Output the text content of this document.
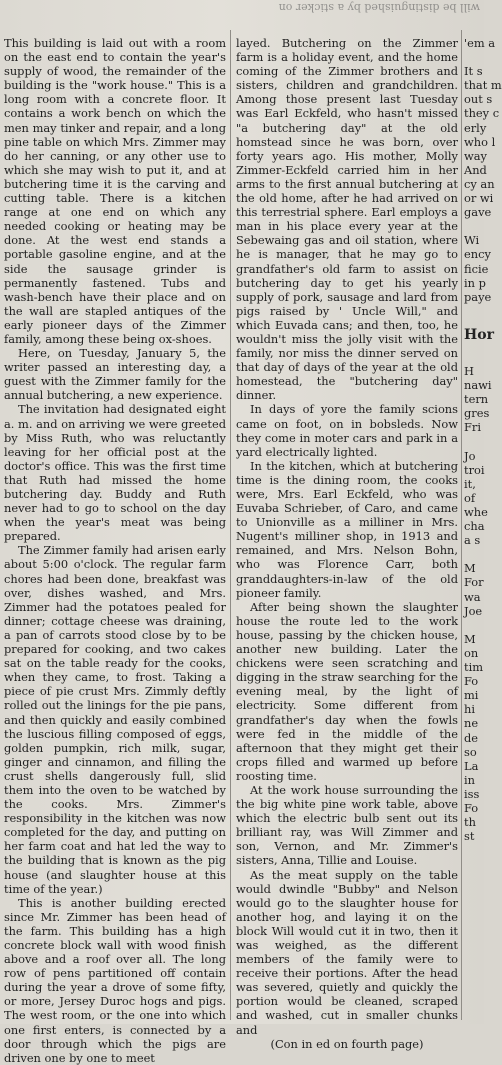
will be distinguished by a sticker on

This building is laid out with a room on the east end to contain the year's supply of wood, the remainder of the building is the "work house." This is a long room with a concrete floor. It contains a work bench on which the men may tinker and repair, and a long pine table on which Mrs. Zimmer may do her canning, or any other use to which she may wish to put it, and at butchering time it is the carving and cutting table. There is a kitchen range at one end on which any needed cooking or heating may be done. At the west end stands a portable gasoline engine, and at the side the sausage grinder is permanently fastened. Tubs and wash-bench have their place and on the wall are stapled antiques of the early pioneer days of the Zimmer family, among these being ox-shoes.

Here, on Tuesday, January 5, the writer passed an interesting day, a guest with the Zimmer family for the annual butchering, a new experience.

The invitation had designated eight a. m. and on arriving we were greeted by Miss Ruth, who was reluctantly leaving for her official post at the doctor's office. This was the first time that Ruth had missed the home butchering day. Buddy and Ruth never had to go to school on the day when the year's meat was being prepared.

The Zimmer family had arisen early about 5:00 o'clock. The regular farm chores had been done, breakfast was over, dishes washed, and Mrs. Zimmer had the potatoes pealed for dinner; cottage cheese was draining, a pan of carrots stood close by to be prepared for cooking, and two cakes sat on the table ready for the cooks, when they came, to frost. Taking a piece of pie crust Mrs. Zimmly deftly rolled out the linings for the pie pans, and then quickly and easily combined the luscious filling composed of eggs, golden pumpkin, rich milk, sugar, ginger and cinnamon, and filling the crust shells dangerously full, slid them into the oven to be watched by the cooks. Mrs. Zimmer's responsibility in the kitchen was now completed for the day, and putting on her farm coat and hat led the way to the building that is known as the pig house (and slaughter house at this time of the year.)

This is another building erected since Mr. Zimmer has been head of the farm. This building has a high concrete block wall with wood finish above and a roof over all. The long row of pens partitioned off contain during the year a drove of some fifty, or more, Jersey Duroc hogs and pigs. The west room, or the one into which one first enters, is connected by a door through which the pigs are driven one by one to meet

layed. Butchering on the Zimmer farm is a holiday event, and the home coming of the Zimmer brothers and sisters, children and grandchildren. Among those present last Tuesday was Earl Eckfeld, who hasn't missed "a butchering day" at the old homstead since he was born, over forty years ago. His mother, Molly Zimmer-Eckfeld carried him in her arms to the first annual butchering at the old home, after he had arrived on this terrestrial sphere. Earl employs a man in his place every year at the Sebewaing gas and oil station, where he is manager, that he may go to grandfather's old farm to assist on butchering day to get his yearly supply of pork, sausage and lard from pigs raised by ' Uncle Will," and which Euvada cans; and then, too, he wouldn't miss the jolly visit with the family, nor miss the dinner served on that day of days of the year at the old homestead, the "butchering day" dinner.

In days of yore the family scions came on foot, on in bobsleds. Now they come in moter cars and park in a yard electrically lighted.

In the kitchen, which at butchering time is the dining room, the cooks were, Mrs. Earl Eckfeld, who was Euvaba Schrieber, of Caro, and came to Unionville as a milliner in Mrs. Nugent's milliner shop, in 1913 and remained, and Mrs. Nelson Bohn, who was Florence Carr, both granddaughters-in-law of the old pioneer family.

After being shown the slaughter house the route led to the work house, passing by the chicken house, another new building. Later the chickens were seen scratching and digging in the straw searching for the evening meal, by the light of electricity. Some different from grandfather's day when the fowls were fed in the middle of the afternoon that they might get their crops filled and warmed up before roosting time.

At the work house surrounding the the big white pine work table, above which the electric bulb sent out its brilliant ray, was Will Zimmer and son, Vernon, and Mr. Zimmer's sisters, Anna, Tillie and Louise.

As the meat supply on the table would dwindle "Bubby" and Nelson would go to the slaughter house for another hog, and laying it on the block Will would cut it in two, then it was weighed, as the different members of the family were to receive their portions. After the head was severed, quietly and quickly the portion would be cleaned, scraped and washed, cut in smaller chunks and

(Con in ed on fourth page)

'em a
It s
that m
out s
they c
erly
who l
way
And
cy an
or wi
gave
Wi
ency
ficie
in p
paye
Hor
H
nawi
tern
gres
Fri
Jo
troi
it,
of
whe
cha
a s
M
For
wa
Joe
M
on
tim
Fo
mi
hi
ne
de
so
La
in
iss
Fo
th
st
